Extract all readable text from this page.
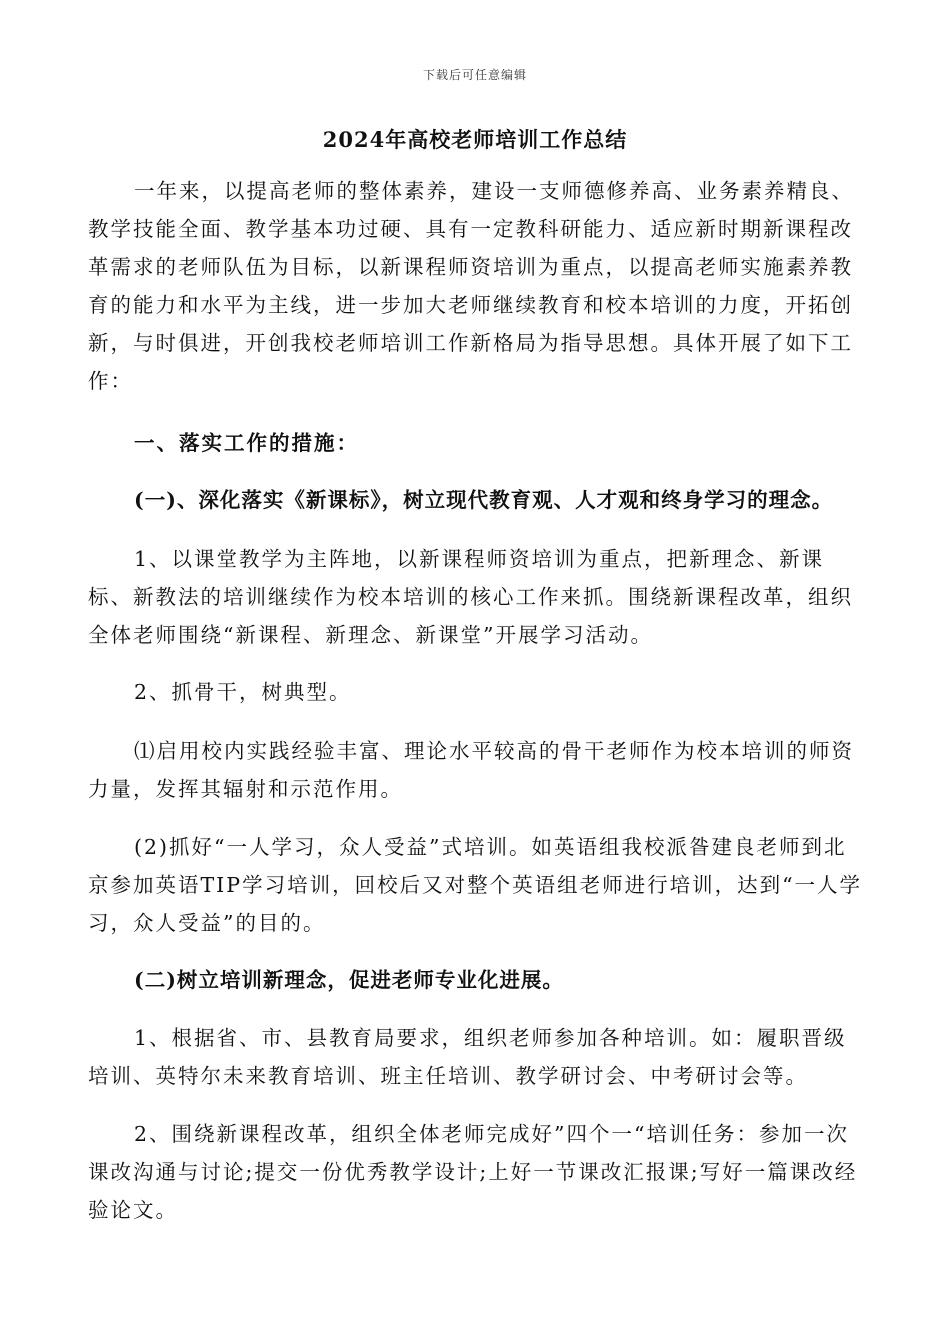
下载后可任意编辑
2024年高校老师培训工作总结
一年来，以提高老师的整体素养，建设一支师德修养高、业务素养精良、教学技能全面、教学基本功过硬、具有一定教科研能力、适应新时期新课程改革需求的老师队伍为目标，以新课程师资培训为重点，以提高老师实施素养教育的能力和水平为主线，进一步加大老师继续教育和校本培训的力度，开拓创新，与时俱进，开创我校老师培训工作新格局为指导思想。具体开展了如下工作：
一、落实工作的措施：
(一)、深化落实《新课标》，树立现代教育观、人才观和终身学习的理念。
1、以课堂教学为主阵地，以新课程师资培训为重点，把新理念、新课标、新教法的培训继续作为校本培训的核心工作来抓。围绕新课程改革，组织全体老师围绕“新课程、新理念、新课堂”开展学习活动。
2、抓骨干，树典型。
⑴启用校内实践经验丰富、理论水平较高的骨干老师作为校本培训的师资力量，发挥其辐射和示范作用。
(2)抓好“一人学习，众人受益”式培训。如英语组我校派昝建良老师到北京参加英语TIP学习培训，回校后又对整个英语组老师进行培训，达到“一人学习，众人受益”的目的。
(二)树立培训新理念，促进老师专业化进展。
1、根据省、市、县教育局要求，组织老师参加各种培训。如：履职晋级培训、英特尔未来教育培训、班主任培训、教学研讨会、中考研讨会等。
2、围绕新课程改革，组织全体老师完成好”四个一“培训任务：参加一次课改沟通与讨论;提交一份优秀教学设计;上好一节课改汇报课;写好一篇课改经验论文。
